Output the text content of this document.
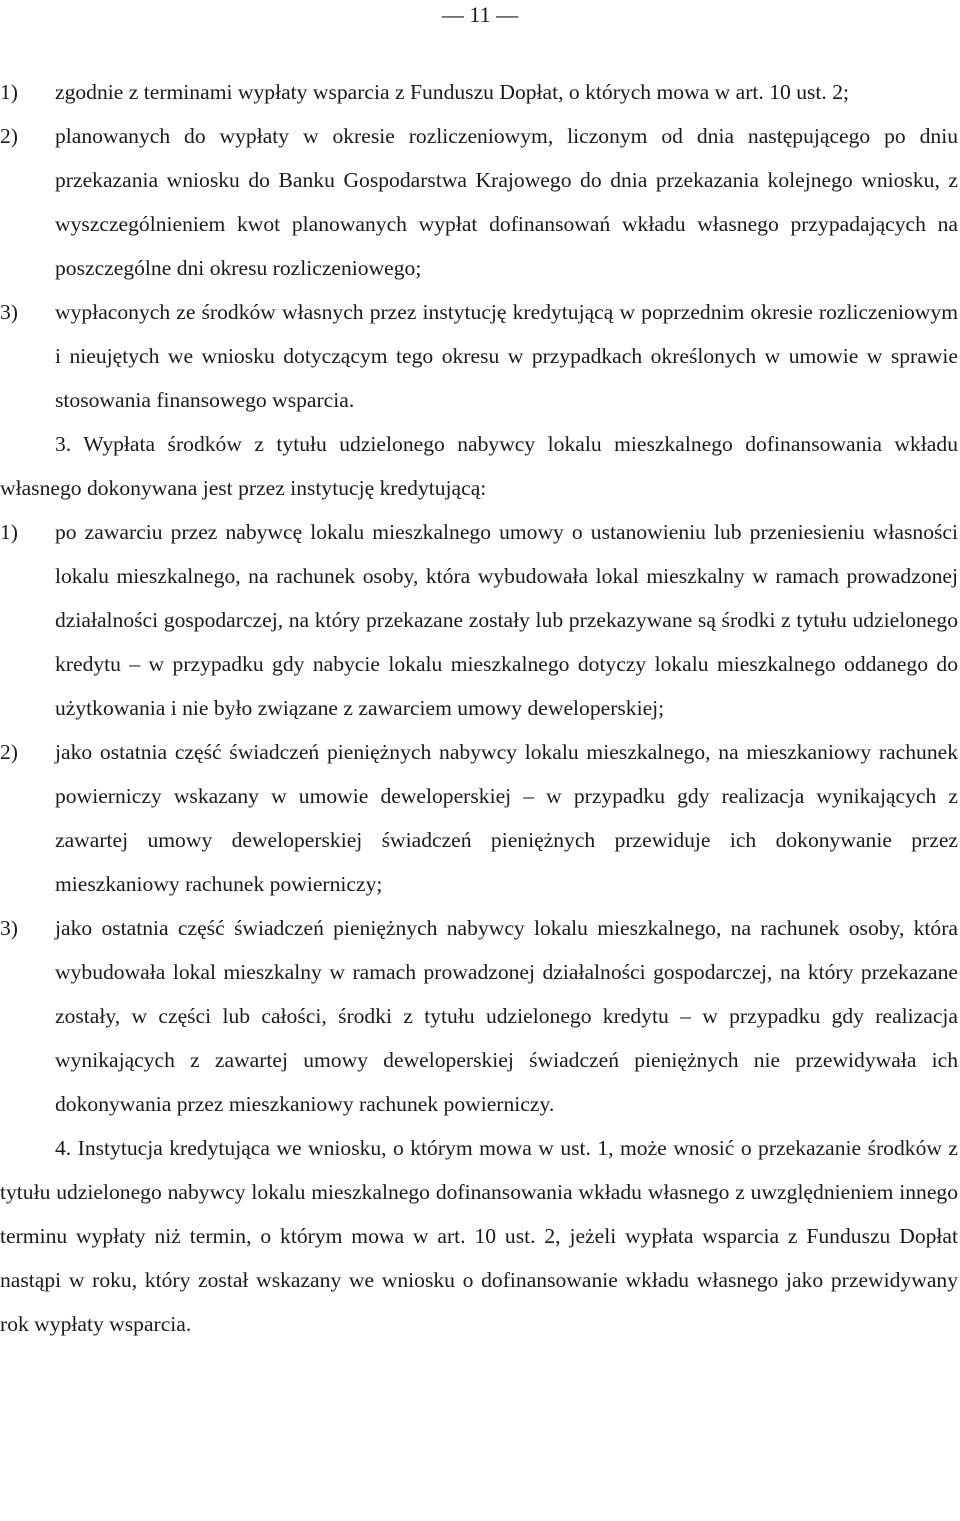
— 11 —
1) zgodnie z terminami wypłaty wsparcia z Funduszu Dopłat, o których mowa w art. 10 ust. 2;
2) planowanych do wypłaty w okresie rozliczeniowym, liczonym od dnia następującego po dniu przekazania wniosku do Banku Gospodarstwa Krajowego do dnia przekazania kolejnego wniosku, z wyszczególnieniem kwot planowanych wypłat dofinansowań wkładu własnego przypadających na poszczególne dni okresu rozliczeniowego;
3) wypłaconych ze środków własnych przez instytucję kredytującą w poprzednim okresie rozliczeniowym i nieujętych we wniosku dotyczącym tego okresu w przypadkach określonych w umowie w sprawie stosowania finansowego wsparcia.
3. Wypłata środków z tytułu udzielonego nabywcy lokalu mieszkalnego dofinansowania wkładu własnego dokonywana jest przez instytucję kredytującą:
1) po zawarciu przez nabywcę lokalu mieszkalnego umowy o ustanowieniu lub przeniesieniu własności lokalu mieszkalnego, na rachunek osoby, która wybudowała lokal mieszkalny w ramach prowadzonej działalności gospodarczej, na który przekazane zostały lub przekazywane są środki z tytułu udzielonego kredytu – w przypadku gdy nabycie lokalu mieszkalnego dotyczy lokalu mieszkalnego oddanego do użytkowania i nie było związane z zawarciem umowy deweloperskiej;
2) jako ostatnia część świadczeń pieniężnych nabywcy lokalu mieszkalnego, na mieszkaniowy rachunek powierniczy wskazany w umowie deweloperskiej – w przypadku gdy realizacja wynikających z zawartej umowy deweloperskiej świadczeń pieniężnych przewiduje ich dokonywanie przez mieszkaniowy rachunek powierniczy;
3) jako ostatnia część świadczeń pieniężnych nabywcy lokalu mieszkalnego, na rachunek osoby, która wybudowała lokal mieszkalny w ramach prowadzonej działalności gospodarczej, na który przekazane zostały, w części lub całości, środki z tytułu udzielonego kredytu – w przypadku gdy realizacja wynikających z zawartej umowy deweloperskiej świadczeń pieniężnych nie przewidywała ich dokonywania przez mieszkaniowy rachunek powierniczy.
4. Instytucja kredytująca we wniosku, o którym mowa w ust. 1, może wnosić o przekazanie środków z tytułu udzielonego nabywcy lokalu mieszkalnego dofinansowania wkładu własnego z uwzględnieniem innego terminu wypłaty niż termin, o którym mowa w art. 10 ust. 2, jeżeli wypłata wsparcia z Funduszu Dopłat nastąpi w roku, który został wskazany we wniosku o dofinansowanie wkładu własnego jako przewidywany rok wypłaty wsparcia.
